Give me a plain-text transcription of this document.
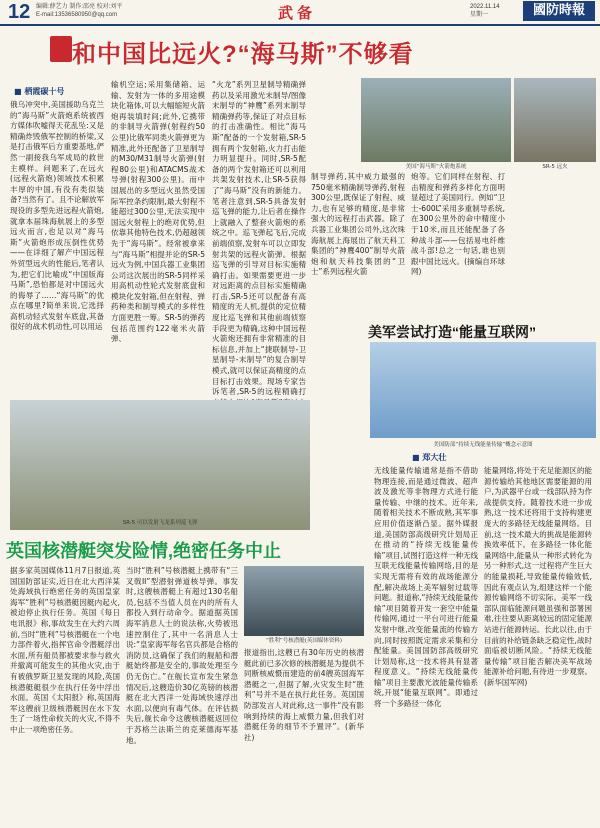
12 编辑:薛艺力 制作:邵亮 校对:刘平
E-mail:13536580950@qq.com	武备	2022.11.14
星期一	國防時報
和中国比远火?“海马斯”不够看
■ 栖霞碳十号
俄乌冲突中,美国援助乌克兰的“海马斯”火箭炮系统被西方媒体吹嘘得天花乱坠:又是精确炸毁俄军控制的桥梁,又是打击俄军后方重要基地,俨然一副接我乌军成局的救世主模样。问题来了,在远火(远程火箭炮)领域技术积累丰厚的中国,有没有类似装备?当然有了。且不论解放军现役的多型先进远程火箭炮,就拿本届珠海航展上的多型远火而言,也足以对“海马斯”火箭炮形成压倒性优势——在详细了解产中国远程外贸型远火的性能后,笔者认为,把它们比喻成“中国版海马斯”,恐怕都是对中国远火的侮辱了……“海马斯”的优点在哪里?简单来说,它选择高机动轻式发射车底盘,其备很好的战术机动性,可以用运
输机空运;采用集储箱、运输、发射为一体的多用途模块化箱体,可以大幅缩短火箭炮再装填时间;此外,它携带的非制导火箭弹(射程约50公里)比俄军同类火箭弹更为精准,此外还配备了卫星制导的M30/M31制导火箭弹(射程80公里)和ATACMS战术导弹(射程300公里)。而中国展出的多型远火虽然受国际军控条约限制,最大射程不能超过300公里,无法实现中国远火射程上的绝对优势,但依靠其他特色技术,仍超越领先于“海马斯”。经常被拿来与“海马斯”相提并论的SR-5远火为例,中国兵器工业集团公司这次展出的SR-5同样采用高机动性轮式发射底盘和模块化发射箱,但在射程、弹药种类和制导模式的多样性方面更胜一筹。SR-5的弹药包括范围约122毫米火箭弹、
“火龙”系列卫星制导精确弹药以及采用激光末制导/图像末制导的“神鹰”系列末制导精确弹药等,保证了对点目标的打击准确性。相比“海马斯”配备的一个发射箱,SR-5拥有两个发射箱,火力打击能力明显提升。同时,SR-5配备的两个发射箱还可以利用共架发射技术,让SR-5获得了“海马斯”没有的新能力。笔者注意到,SR-5具备发射巡飞弹的能力,让后者在操作上就融入了整套火箭炮的系统之中。巡飞弹起飞后,完成前端侦察,发射车可以立即发射共架的远程火箭弹。根据巡飞弹的引导对目标实施精确打击。如果需要更进一步对远距离的点目标实施精确打击,SR-5还可以配备有高精度的无人机,提供的定位精度比巡飞弹和其他前端侦察手段更为精确,这种中国远程火箭炮还拥有非常精准的目标信息,并加上“捷联制导-卫星制导-末制导”的复合制导模式,就可以保证高精度的点目标打击效果。现场专家告诉笔者,SR-5的远程精确打
美国“海马斯”火箭炮系统	SR-5 远火
制导弹药,其中威力最强的750毫米精确制导弹药,射程300公里,既保证了射程、威力,也有足够的精度,是非常强大的远程打击武器。除了兵器工业集团公司外,这次珠海航展上海展出了航天科工集团的“神鹰400”制导火箭炮和航天科技集团的“卫士”系列远程火箭
炮等。它们同样在射程、打击精度和弹药多样化方面明显超过了美国同行。例如“卫士-600L”采用多重制导系统,在300公里外的命中精度小于10米,而且还能配备了各种战斗部——包括易电纤维战斗部!总之一句话,谁也别跟中国比远火。(摘编自环球网)
SR-5 可以发射飞龙系列巡飞弹
美军尝试打造“能量互联网”
美国防部“持续无线能量传输”概念示意图
■ 郑大壮
无线能量传输通常是指不借助物理连接,而是通过微波、超声波及激光等非物理方式进行能量传输、中继的技术。近年来,随着相关技术不断成熟,其军事应用价值逐渐凸显。据外媒报道,美国防部高级研究计划局正在推动的“持续无线能量传输”项目,试图打造这样一种无线互联无线能量传输网络,目的是实现无需将有效的战场能源分配,解决战场上美军辐射过载等问题。报道称,“持续无线能量传输”项目随着开发一套空中能量传输网,通过一平台可进行能量发射中继,改变能量流的传输方向,同时按照既定需求采集和分配能量。美国国防部高级研究计划局称,这一技术将具有显著程度意义。“持续无线能量传输”项目主要激光波能量传输系统,开展“能量互联网”。即通过将一个多路径一体化
能量网络,将处于充足能源区的能源传输给其他地区需要能源的用户,为武器平台或一线部队持为作战提供支持。随着技术进一步成熟,这一技术还将用于支持构建更庞大的多路径无线能量网络。目前,这一技术最大的挑战是能源转换效率低下。在多路径一体化能量网络中,能量从一种形式转化为另一种形式,这一过程将产生巨大的能量损耗,导致能量传输效低,因此有观点认为,组建这样一个能源传输网络不切实际。美军一线部队面临能源问题虽强和部署困难,往往要从距离较远的固定能源站进行能源转运。长此以往,由于目前的补给链条缺乏稳定性,战时面临被切断风险。“持续无线能量传输”项目能否解决美军战场能源补给问题,有待进一步观察。(新华国军网)
英国核潜艇突发险情,绝密任务中止
据多家英国媒体11月7日报道,英国国防部证实,近日在北大西洋某处海域执行绝密任务的英国皇家海军“胜利”号核潜艇因艇内起火,被迫停止执行任务。英国《每日电讯报》称,事故发生在大约六周前,当时“胜利”号核潜艇在一个电力部件着火,指挥官命令潜艇浮出水面,所有船员都被要求参与救火并撤离可能发生的其他火灾,由于有被俄罗斯卫星发现的风险,英国核潜艇艇很少在执行任务中浮出水面。英国《太阳报》称,英国海军这艘前卫级核潜艇因在水下发生了一场性命攸关的火灾,不得不中止一项绝密任务。
当时“胜利”号核潜艇上携带有“三叉戟II”型潜射弹道核导弹。事发时,这艘核潜艇上有超过130名船员,包括不当值人员在内的所有人都投入到行动命令。据道据英国海军消息人士的说法称,火势被迅速控制住了,其中一名消息人士说:“皇家海军每名官兵都是合格的消防员,这确保了我们的舰船和潜艇始终都是安全的,事故处理至今仍无伤亡。”在舰长宣布发生紧急情况后,这艘造价30亿英镑的核潜艇在北大西洋一处海域快速浮出水面,以便向有毒气体。在评估损失后,舰长命令这艘核潜艇返回位于苏格兰法斯兰的克莱德海军基地。
“胜利”号核潜艇(英国媒体资料)
报道指出,这艘已有30年历史的核潜艇此前已多次修的核潜艇是为提供不同断核威慑而建造的前4艘英国海军潜艇之一,但据了解,火灾发生时“胜利”号并不是在执行此任务。英国国防部发言人对此称,这一事件“没有影响到持续的海上威慑力量,但我们对潜艇任务的细节不予置评”。(新华社)
